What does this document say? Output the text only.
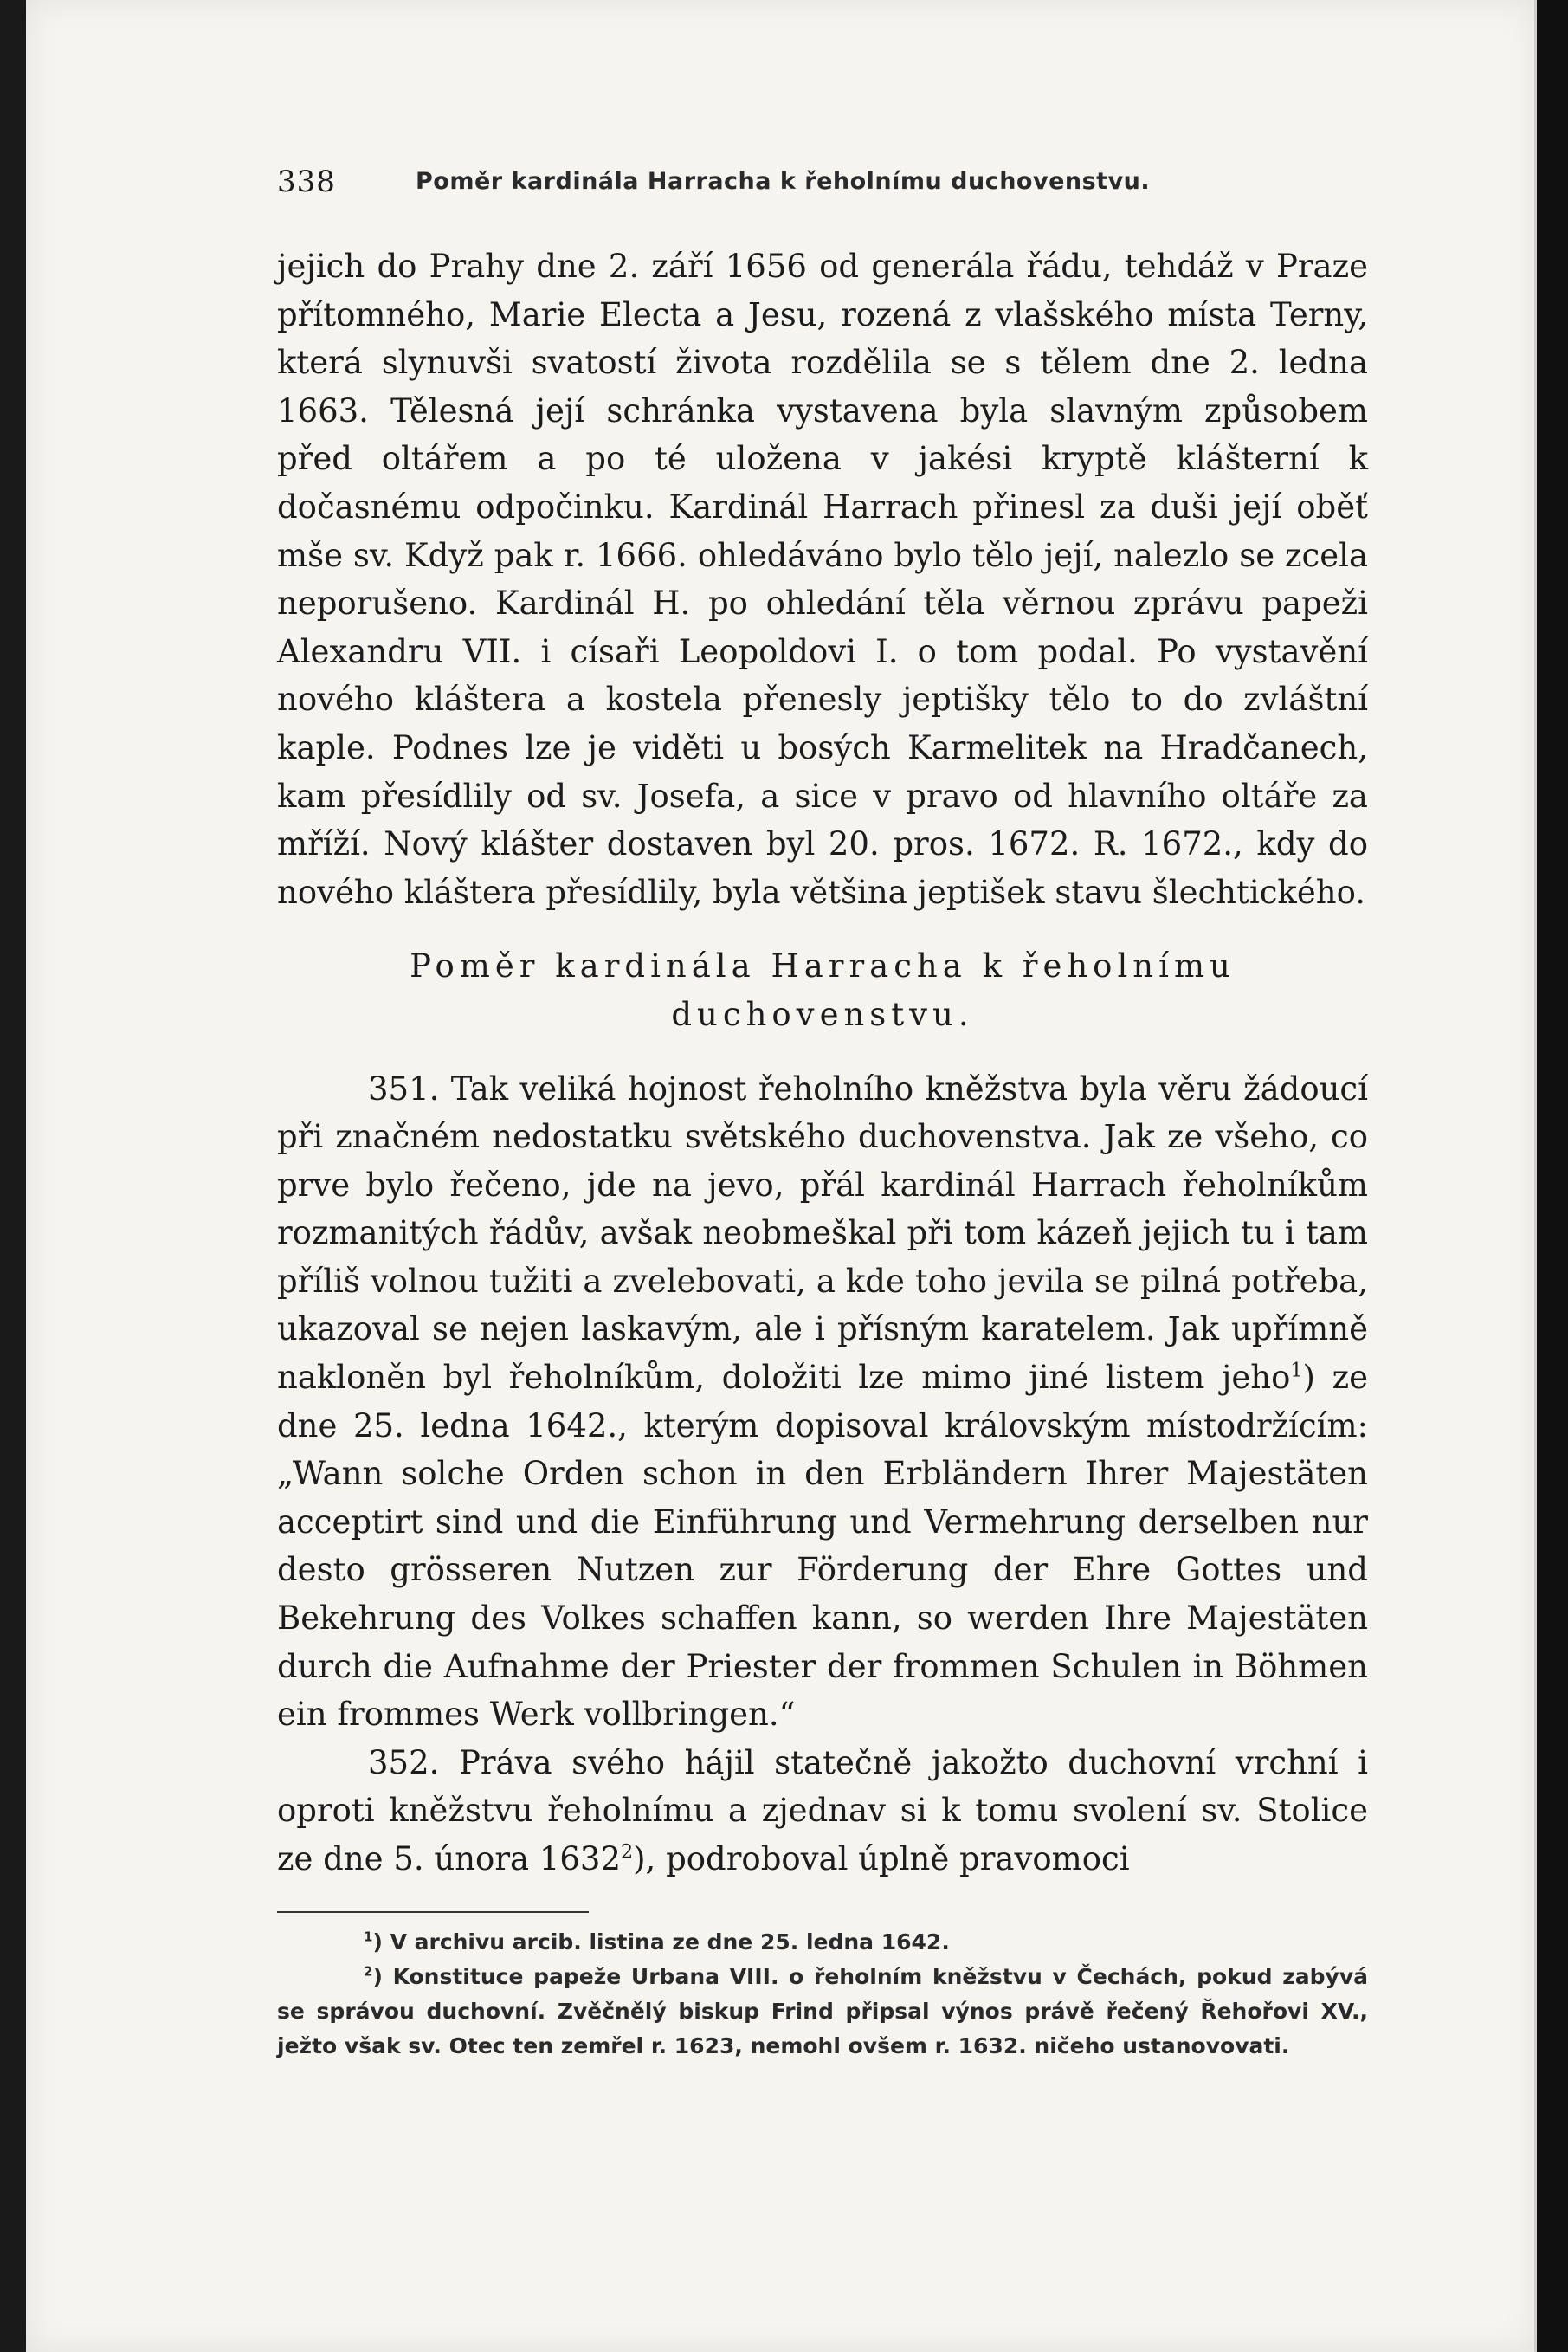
338	Poměr kardinála Harracha k řeholnímu duchovenstvu.

jejich do Prahy dne 2. září 1656 od generála řádu, tehdáž v Praze přítomného, Marie Electa a Jesu, rozená z vlašského místa Terny, která slynuvši svatostí života rozdělila se s tělem dne 2. ledna 1663. Tělesná její schránka vystavena byla slavným způsobem před oltářem a po té uložena v jakési kryptě klášterní k dočasnému odpočinku. Kardinál Harrach přinesl za duši její oběť mše sv. Když pak r. 1666. ohledáváno bylo tělo její, nalezlo se zcela neporušeno. Kardinál H. po ohledání těla věrnou zprávu papeži Alexandru VII. i císaři Leopoldovi I. o tom podal. Po vystavění nového kláštera a kostela přenesly jeptišky tělo to do zvláštní kaple. Podnes lze je viděti u bosých Karmelitek na Hradčanech, kam přesídlily od sv. Josefa, a sice v pravo od hlavního oltáře za mříží. Nový klášter dostaven byl 20. pros. 1672. R. 1672., kdy do nového kláštera přesídlily, byla většina jeptišek stavu šlechtického.

Poměr kardinála Harracha k řeholnímu
duchovenstvu.

351. Tak veliká hojnost řeholního kněžstva byla věru žádoucí při značném nedostatku světského duchovenstva. Jak ze všeho, co prve bylo řečeno, jde na jevo, přál kardinál Harrach řeholníkům rozmanitých řádův, avšak neobmeškal při tom kázeň jejich tu i tam příliš volnou tužiti a zvelebovati, a kde toho jevila se pilná potřeba, ukazoval se nejen laskavým, ale i přísným karatelem. Jak upřímně nakloněn byl řeholníkům, doložiti lze mimo jiné listem jeho$^1$) ze dne 25. ledna 1642., kterým dopisoval královským místodržícím: „Wann solche Orden schon in den Erbländern Ihrer Majestäten acceptirt sind und die Einführung und Vermehrung derselben nur desto grösseren Nutzen zur Förderung der Ehre Gottes und Bekehrung des Volkes schaffen kann, so werden Ihre Majestäten durch die Aufnahme der Priester der frommen Schulen in Böhmen ein frommes Werk vollbringen.“

352. Práva svého hájil statečně jakožto duchovní vrchní i oproti kněžstvu řeholnímu a zjednav si k tomu svolení sv. Stolice ze dne 5. února 1632$^2$), podroboval úplně pravomoci

$^1$) V archivu arcib. listina ze dne 25. ledna 1642.

$^2$) Konstituce papeže Urbana VIII. o řeholním kněžstvu v Čechách, pokud zabývá se správou duchovní. Zvěčnělý biskup Frind připsal výnos právě řečený Řehořovi XV., ježto však sv. Otec ten zemřel r. 1623, nemohl ovšem r. 1632. ničeho ustanovovati.
